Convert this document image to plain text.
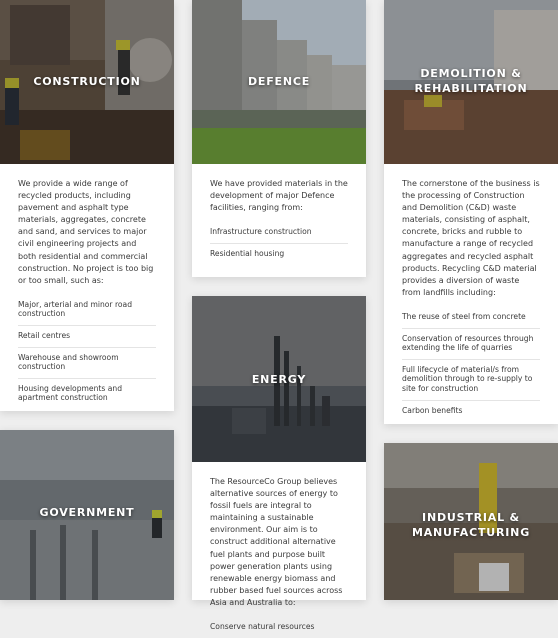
CONSTRUCTION

We provide a wide range of recycled products, including pavement and asphalt type materials, aggregates, concrete and sand, and services to major civil engineering projects and both residential and commercial construction. No project is too big or too small, such as:

Major, arterial and minor road construction
Retail centres
Warehouse and showroom construction
Housing developments and apartment construction
DEFENCE

We have provided materials in the development of major Defence facilities, ranging from:

Infrastructure construction
Residential housing
DEMOLITION &
REHABILITATION

The cornerstone of the business is the processing of Construction and Demolition (C&D) waste materials, consisting of asphalt, concrete, bricks and rubble to manufacture a range of recycled aggregates and recycled asphalt products. Recycling C&D material provides a diversion of waste from landfills including:

The reuse of steel from concrete
Conservation of resources through extending the life of quarries
Full lifecycle of material/s from demolition through to re-supply to site for construction
Carbon benefits
ENERGY

The ResourceCo Group believes alternative sources of energy to fossil fuels are integral to maintaining a sustainable environment. Our aim is to construct additional alternative fuel plants and purpose built power generation plants using renewable energy biomass and rubber based fuel sources across Asia and Australia to:

Conserve natural resources
GOVERNMENT	INDUSTRIAL &
MANUFACTURING
